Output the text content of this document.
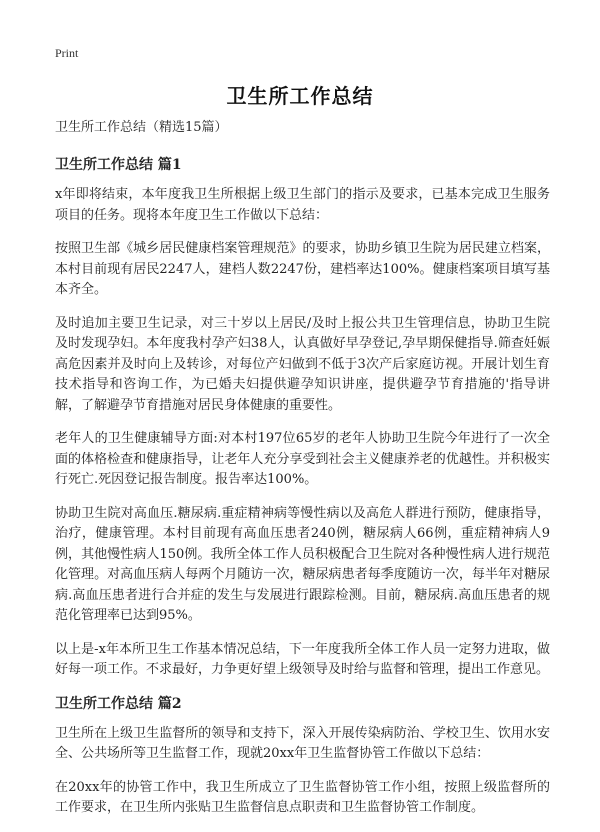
Print
卫生所工作总结
卫生所工作总结（精选15篇）
卫生所工作总结 篇1

x年即将结束，本年度我卫生所根据上级卫生部门的指示及要求，已基本完成卫生服务项目的任务。现将本年度卫生工作做以下总结：

按照卫生部《城乡居民健康档案管理规范》的要求，协助乡镇卫生院为居民建立档案，本村目前现有居民2247人，建档人数2247份，建档率达100%。健康档案项目填写基本齐全。

及时追加主要卫生记录，对三十岁以上居民/及时上报公共卫生管理信息，协助卫生院及时发现孕妇。本年度我村孕产妇38人，认真做好早孕登记,孕早期保健指导.筛查妊娠高危因素并及时向上及转诊，对每位产妇做到不低于3次产后家庭访视。开展计划生育技术指导和咨询工作，为已婚夫妇提供避孕知识讲座，提供避孕节育措施的'指导讲解，了解避孕节育措施对居民身体健康的重要性。

老年人的卫生健康辅导方面:对本村197位65岁的老年人协助卫生院今年进行了一次全面的体格检查和健康指导，让老年人充分享受到社会主义健康养老的优越性。并积极实行死亡.死因登记报告制度。报告率达100%。

协助卫生院对高血压.糖尿病.重症精神病等慢性病以及高危人群进行预防，健康指导，治疗，健康管理。本村目前现有高血压患者240例，糖尿病人66例，重症精神病人9例，其他慢性病人150例。我所全体工作人员积极配合卫生院对各种慢性病人进行规范化管理。对高血压病人每两个月随访一次，糖尿病患者每季度随访一次，每半年对糖尿病.高血压患者进行合并症的发生与发展进行跟踪检测。目前，糖尿病.高血压患者的规范化管理率已达到95%。

以上是-x年本所卫生工作基本情况总结，下一年度我所全体工作人员一定努力进取，做好每一项工作。不求最好，力争更好望上级领导及时给与监督和管理，提出工作意见。

卫生所工作总结 篇2

卫生所在上级卫生监督所的领导和支持下，深入开展传染病防治、学校卫生、饮用水安全、公共场所等卫生监督工作，现就20xx年卫生监督协管工作做以下总结：

在20xx年的协管工作中，我卫生所成立了卫生监督协管工作小组，按照上级监督所的工作要求，在卫生所内张贴卫生监督信息点职责和卫生监督协管工作制度。
